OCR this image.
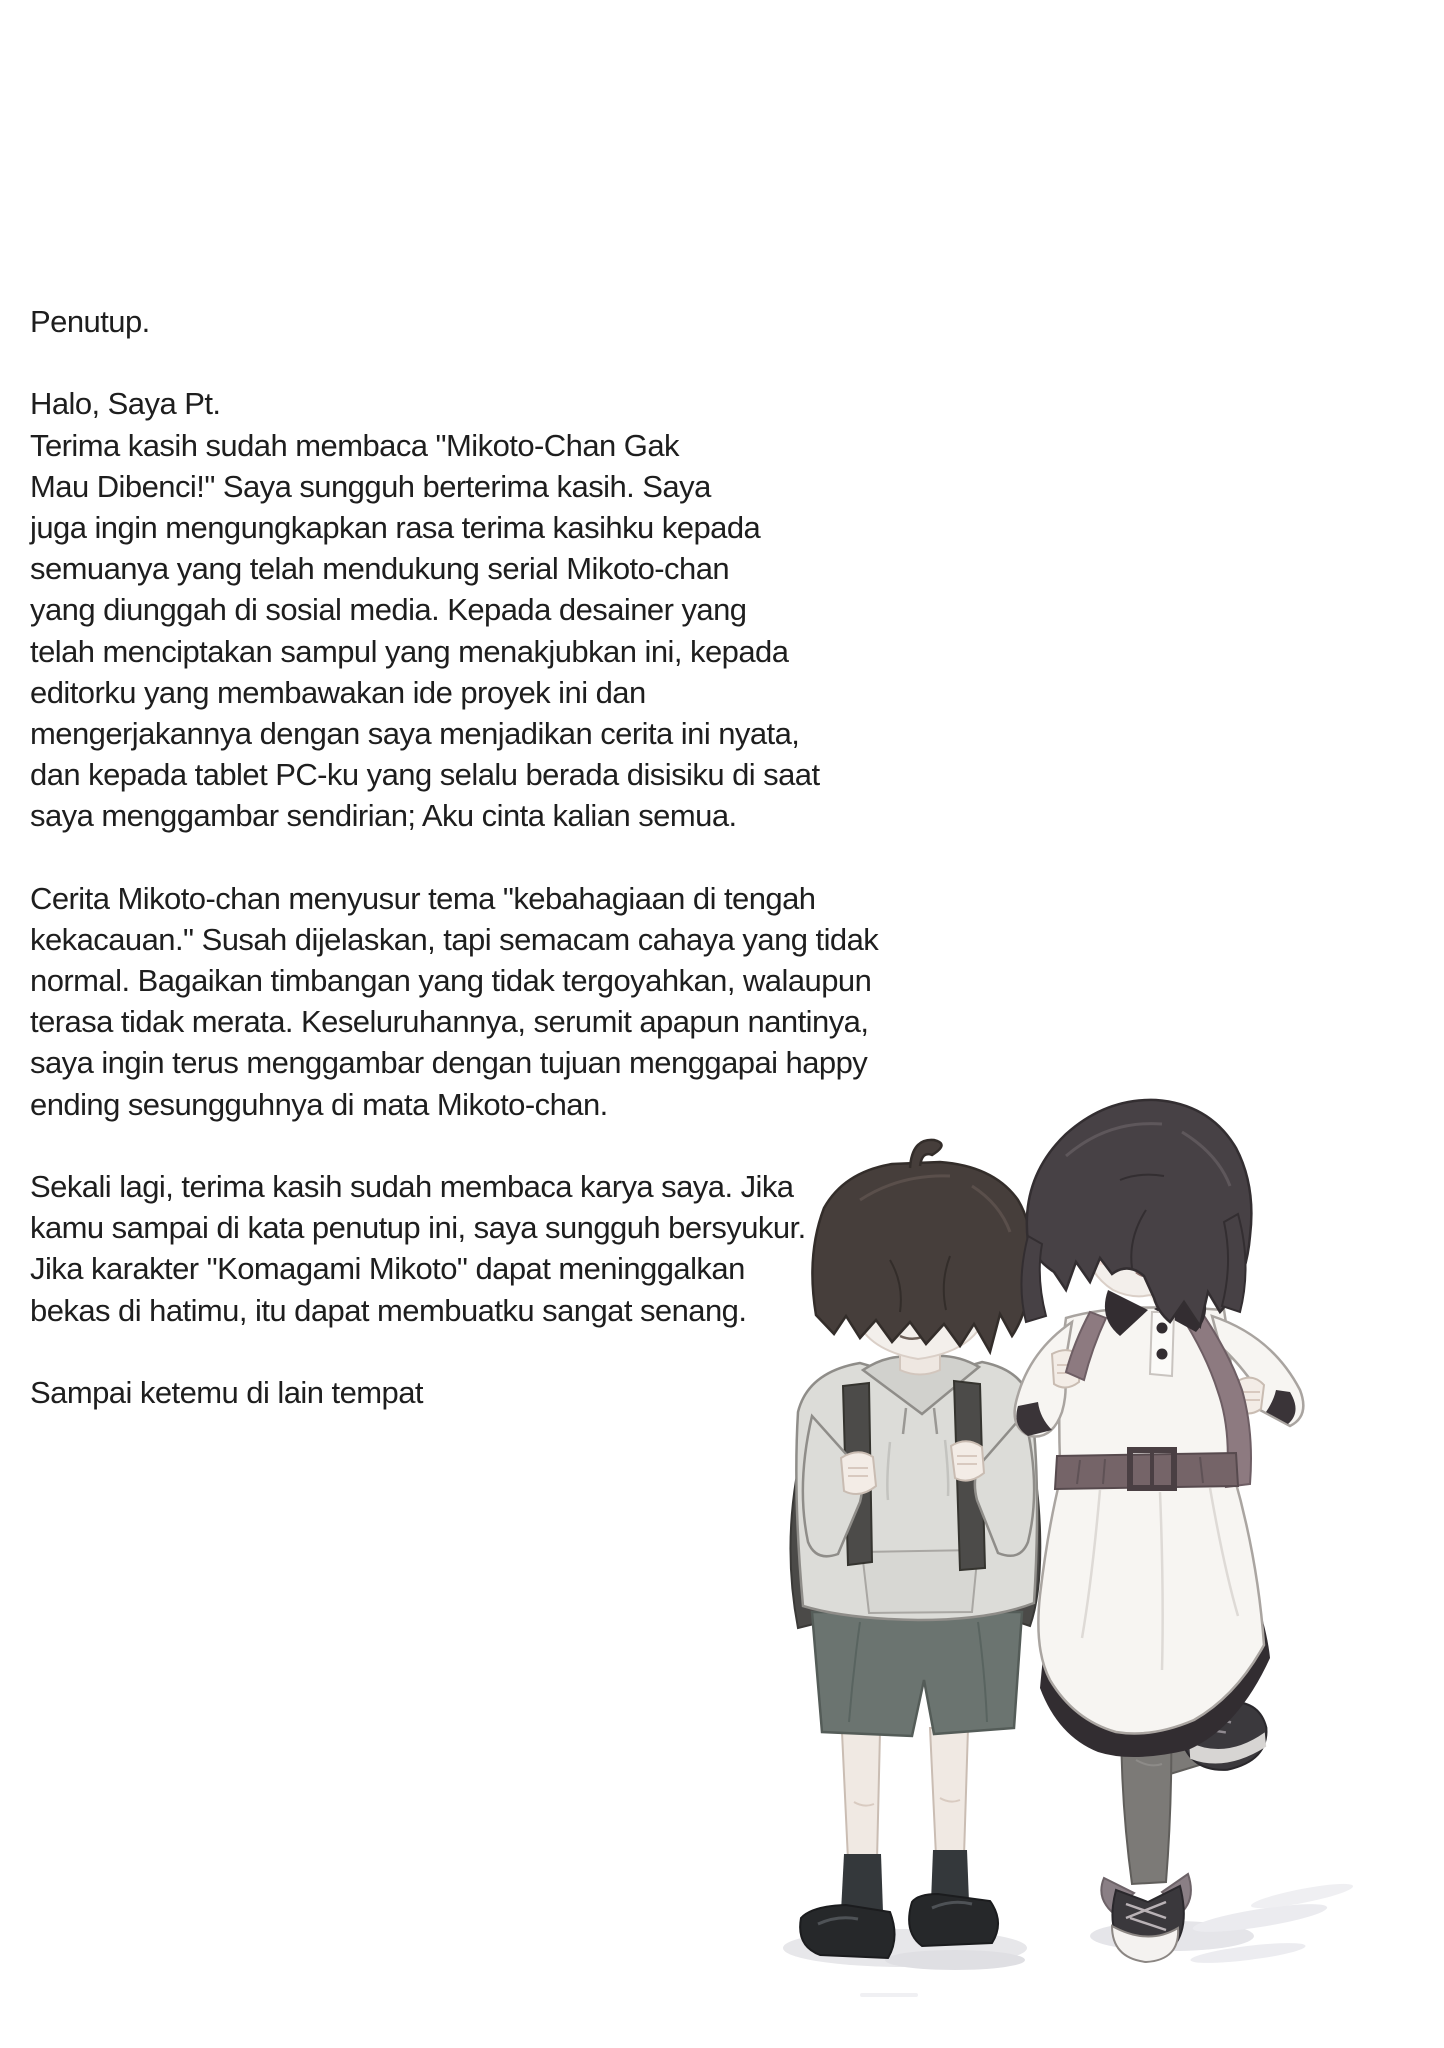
Penutup.
Halo, Saya Pt.
Terima kasih sudah membaca "Mikoto-Chan Gak
Mau Dibenci!" Saya sungguh berterima kasih. Saya
juga ingin mengungkapkan rasa terima kasihku kepada
semuanya yang telah mendukung serial Mikoto-chan
yang diunggah di sosial media. Kepada desainer yang
telah menciptakan sampul yang menakjubkan ini, kepada
editorku yang membawakan ide proyek ini dan
mengerjakannya dengan saya menjadikan cerita ini nyata,
dan kepada tablet PC-ku yang selalu berada disisiku di saat
saya menggambar sendirian; Aku cinta kalian semua.
Cerita Mikoto-chan menyusur tema "kebahagiaan di tengah
kekacauan." Susah dijelaskan, tapi semacam cahaya yang tidak
normal. Bagaikan timbangan yang tidak tergoyahkan, walaupun
terasa tidak merata. Keseluruhannya, serumit apapun nantinya,
saya ingin terus menggambar dengan tujuan menggapai happy
ending sesungguhnya di mata Mikoto-chan.
Sekali lagi, terima kasih sudah membaca karya saya. Jika
kamu sampai di kata penutup ini, saya sungguh bersyukur.
Jika karakter "Komagami Mikoto" dapat meninggalkan
bekas di hatimu, itu dapat membuatku sangat senang.
Sampai ketemu di lain tempat
